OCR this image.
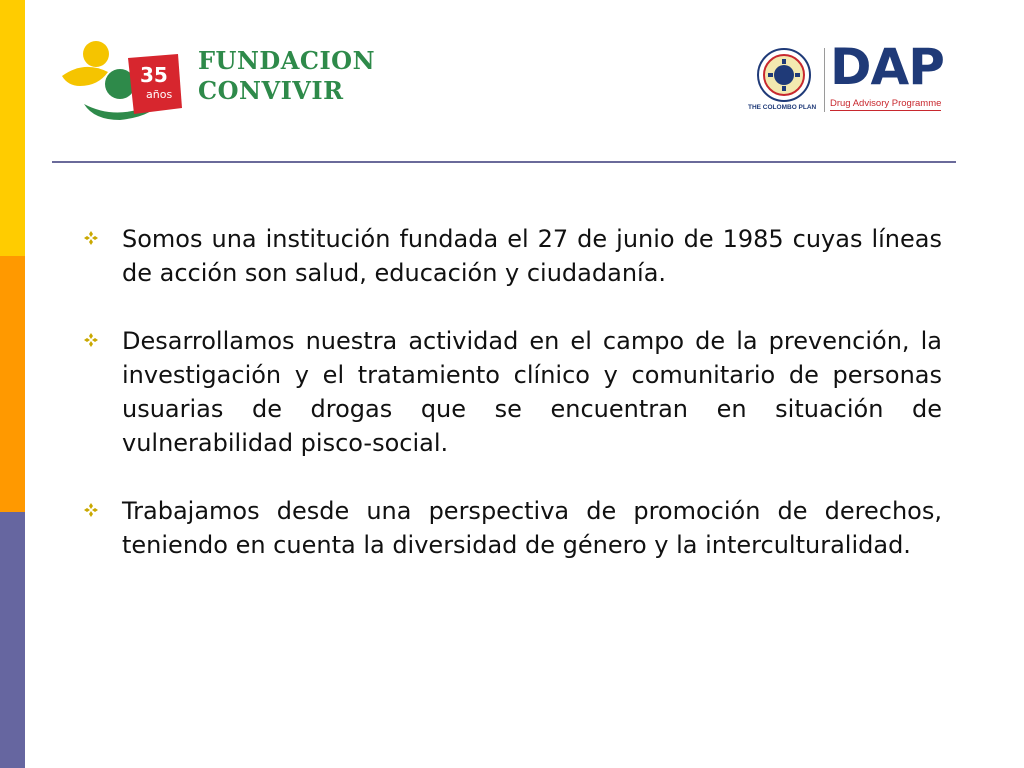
35
años
FUNDACION
CONVIVIR
THE COLOMBO PLAN
DAP
Drug Advisory Programme

Somos una institución fundada el 27 de junio de 1985 cuyas líneas de acción son salud, educación y ciudadanía.

Desarrollamos nuestra actividad en el campo de la prevención, la investigación y el tratamiento clínico y comunitario de personas usuarias de drogas que se encuentran en situación de vulnerabilidad pisco-social.

Trabajamos desde una perspectiva de promoción de derechos, teniendo en cuenta la diversidad de género y la interculturalidad.
